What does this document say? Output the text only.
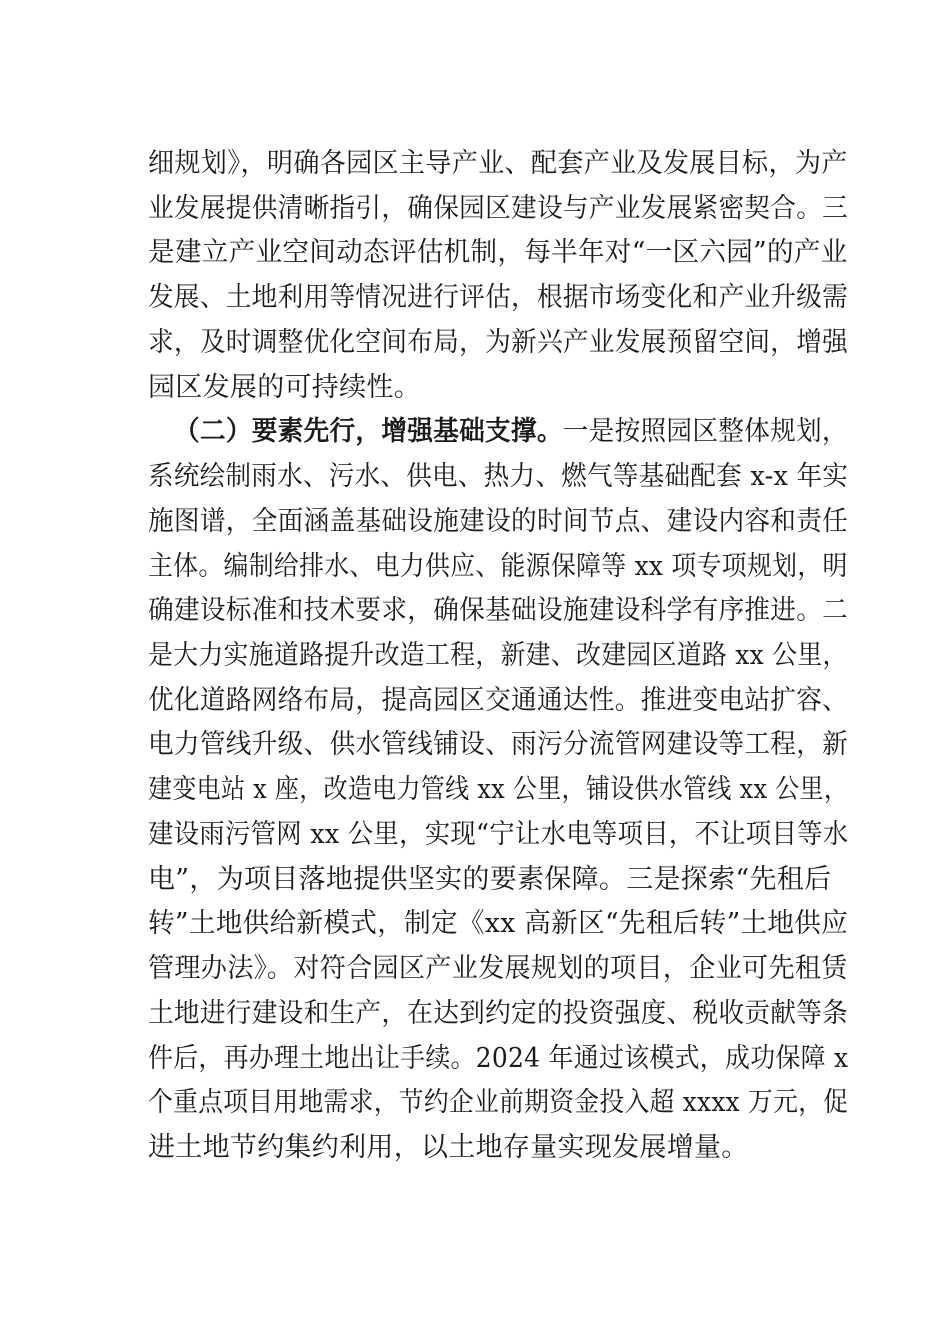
细规划》，明确各园区主导产业、配套产业及发展目标，为产
业发展提供清晰指引，确保园区建设与产业发展紧密契合。三
是建立产业空间动态评估机制，每半年对“一区六园”的产业
发展、土地利用等情况进行评估，根据市场变化和产业升级需
求，及时调整优化空间布局，为新兴产业发展预留空间，增强
园区发展的可持续性。
（二）要素先行，增强基础支撑。一是按照园区整体规划，
系统绘制雨水、污水、供电、热力、燃气等基础配套 x-x 年实
施图谱，全面涵盖基础设施建设的时间节点、建设内容和责任
主体。编制给排水、电力供应、能源保障等 xx 项专项规划，明
确建设标准和技术要求，确保基础设施建设科学有序推进。二
是大力实施道路提升改造工程，新建、改建园区道路 xx 公里，
优化道路网络布局，提高园区交通通达性。推进变电站扩容、
电力管线升级、供水管线铺设、雨污分流管网建设等工程，新
建变电站 x 座，改造电力管线 xx 公里，铺设供水管线 xx 公里，
建设雨污管网 xx 公里，实现“宁让水电等项目，不让项目等水
电”，为项目落地提供坚实的要素保障。三是探索“先租后
转”土地供给新模式，制定《xx 高新区“先租后转”土地供应
管理办法》。对符合园区产业发展规划的项目，企业可先租赁
土地进行建设和生产，在达到约定的投资强度、税收贡献等条
件后，再办理土地出让手续。2024 年通过该模式，成功保障 x
个重点项目用地需求，节约企业前期资金投入超 xxxx 万元，促
进土地节约集约利用，以土地存量实现发展增量。
